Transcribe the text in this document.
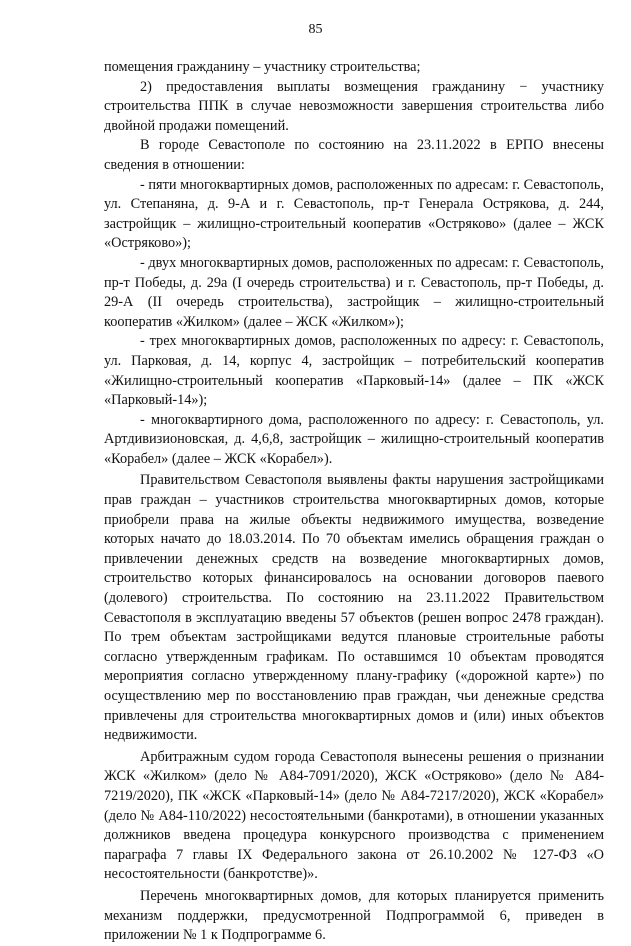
85

помещения гражданину – участнику строительства;

2) предоставления выплаты возмещения гражданину − участнику строительства ППК в случае невозможности завершения строительства либо двойной продажи помещений.

В городе Севастополе по состоянию на 23.11.2022 в ЕРПО внесены сведения в отношении:

- пяти многоквартирных домов, расположенных по адресам: г. Севастополь, ул. Степаняна, д. 9-А и г. Севастополь, пр-т Генерала Острякова, д. 244, застройщик – жилищно-строительный кооператив «Остряково» (далее – ЖСК «Остряково»);

- двух многоквартирных домов, расположенных по адресам: г. Севастополь, пр-т Победы, д. 29а (I очередь строительства) и г. Севастополь, пр-т Победы, д. 29-А (II очередь строительства), застройщик – жилищно-строительный кооператив «Жилком» (далее – ЖСК «Жилком»);

- трех многоквартирных домов, расположенных по адресу: г. Севастополь, ул. Парковая, д. 14, корпус 4, застройщик – потребительский кооператив «Жилищно-строительный кооператив «Парковый-14» (далее – ПК «ЖСК «Парковый-14»);

- многоквартирного дома, расположенного по адресу: г. Севастополь, ул. Артдивизионовская, д. 4,6,8, застройщик – жилищно-строительный кооператив «Корабел» (далее – ЖСК «Корабел»).

Правительством Севастополя выявлены факты нарушения застройщиками прав граждан – участников строительства многоквартирных домов, которые приобрели права на жилые объекты недвижимого имущества, возведение которых начато до 18.03.2014. По 70 объектам имелись обращения граждан о привлечении денежных средств на возведение многоквартирных домов, строительство которых финансировалось на основании договоров паевого (долевого) строительства. По состоянию на 23.11.2022 Правительством Севастополя в эксплуатацию введены 57 объектов (решен вопрос 2478 граждан). По трем объектам застройщиками ведутся плановые строительные работы согласно утвержденным графикам. По оставшимся 10 объектам проводятся мероприятия согласно утвержденному плану-графику («дорожной карте») по осуществлению мер по восстановлению прав граждан, чьи денежные средства привлечены для строительства многоквартирных домов и (или) иных объектов недвижимости.

Арбитражным судом города Севастополя вынесены решения о признании ЖСК «Жилком» (дело № А84-7091/2020), ЖСК «Остряково» (дело № А84-7219/2020), ПК «ЖСК «Парковый-14» (дело № А84-7217/2020), ЖСК «Корабел» (дело № А84-110/2022) несостоятельными (банкротами), в отношении указанных должников введена процедура конкурсного производства с применением параграфа 7 главы IX Федерального закона от 26.10.2002 № 127-ФЗ «О несостоятельности (банкротстве)».

Перечень многоквартирных домов, для которых планируется применить механизм поддержки, предусмотренной Подпрограммой 6, приведен в приложении № 1 к Подпрограмме 6.
